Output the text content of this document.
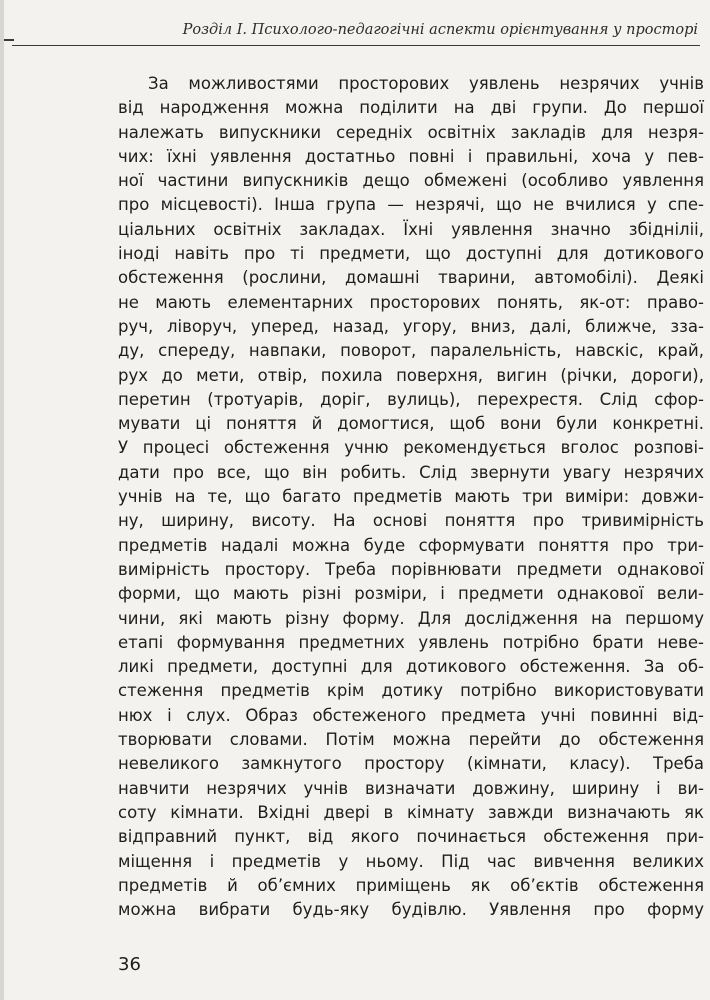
Розділ І. Психолого-педагогічні аспекти орієнтування у просторі
За можливостями просторових уявлень незрячих учнів
від народження можна поділити на дві групи. До першої
належать випускники середніх освітніх закладів для незря-
чих: їхні уявлення достатньо повні і правильні, хоча у пев-
ної частини випускників дещо обмежені (особливо уявлення
про місцевості). Інша група — незрячі, що не вчилися у спе-
ціальних освітніх закладах. Їхні уявлення значно збідніліі,
іноді навіть про ті предмети, що доступні для дотикового
обстеження (рослини, домашні тварини, автомобілі). Деякі
не мають елементарних просторових понять, як-от: право-
руч, ліворуч, уперед, назад, угору, вниз, далі, ближче, зза-
ду, спереду, навпаки, поворот, паралельність, навскіс, край,
рух до мети, отвір, похила поверхня, вигин (річки, дороги),
перетин (тротуарів, доріг, вулиць), перехрестя. Слід сфор-
мувати ці поняття й домогтися, щоб вони були конкретні.
У процесі обстеження учню рекомендується вголос розпові-
дати про все, що він робить. Слід звернути увагу незрячих
учнів на те, що багато предметів мають три виміри: довжи-
ну, ширину, висоту. На основі поняття про тривимірність
предметів надалі можна буде сформувати поняття про три-
вимірність простору. Треба порівнювати предмети однакової
форми, що мають різні розміри, і предмети однакової вели-
чини, які мають різну форму. Для дослідження на першому
етапі формування предметних уявлень потрібно брати неве-
ликі предмети, доступні для дотикового обстеження. За об-
стеження предметів крім дотику потрібно використовувати
нюх і слух. Образ обстеженого предмета учні повинні від-
творювати словами. Потім можна перейти до обстеження
невеликого замкнутого простору (кімнати, класу). Треба
навчити незрячих учнів визначати довжину, ширину і ви-
соту кімнати. Вхідні двері в кімнату завжди визначають як
відправний пункт, від якого починається обстеження при-
міщення і предметів у ньому. Під час вивчення великих
предметів й об’ємних приміщень як об’єктів обстеження
можна вибрати будь-яку будівлю. Уявлення про форму
36
